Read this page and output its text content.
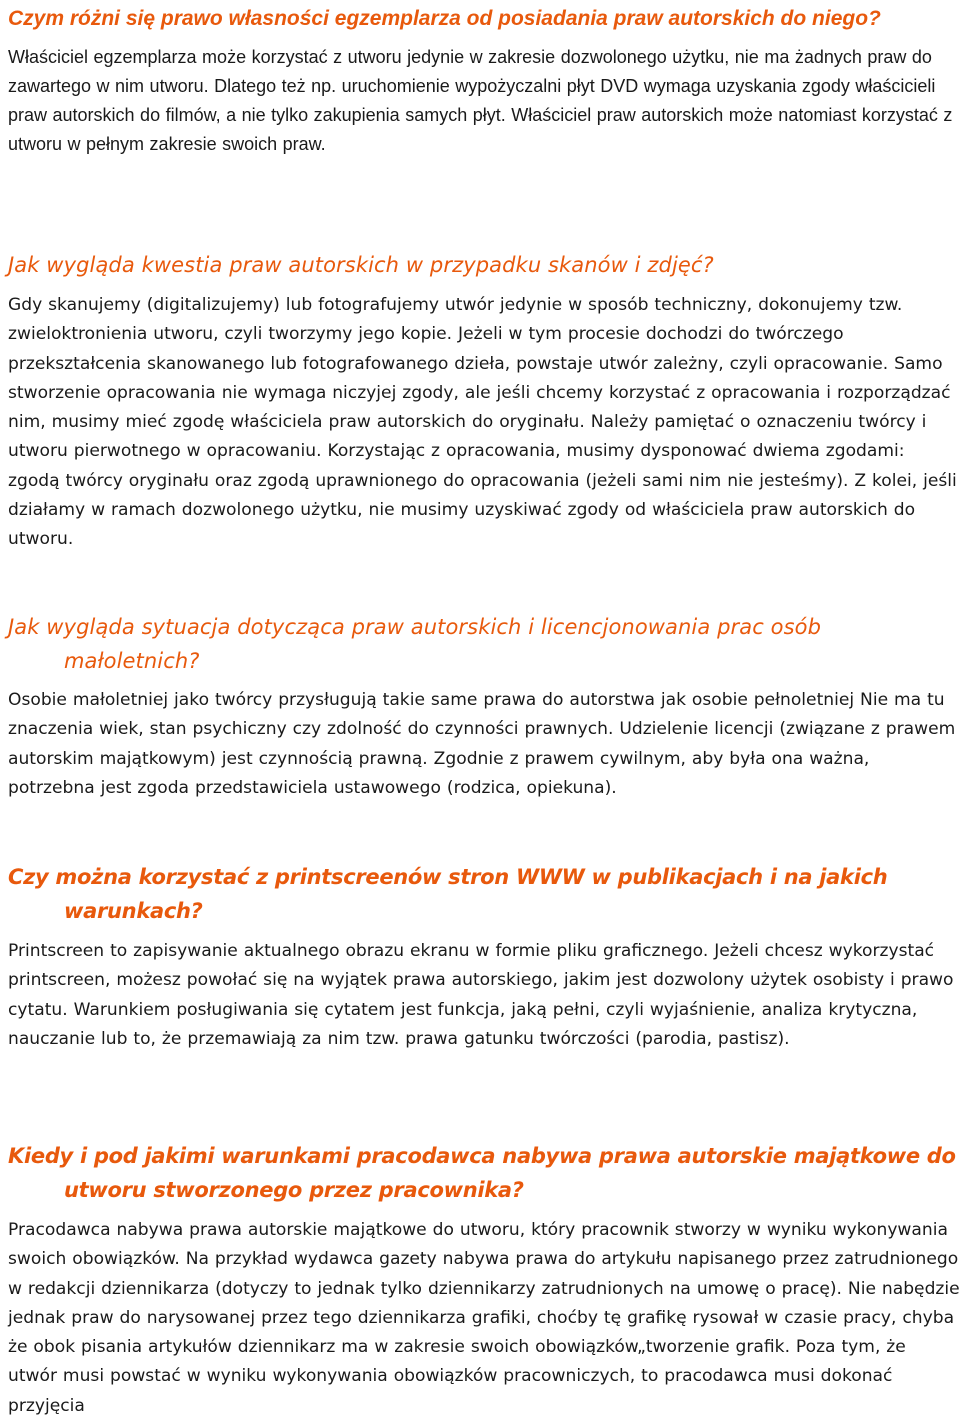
Czym różni się prawo własności egzemplarza od posiadania praw autorskich do niego?

Właściciel egzemplarza może korzystać z utworu jedynie w zakresie dozwolonego użytku, nie ma żadnych praw do zawartego w nim utworu. Dlatego też np. uruchomienie wypożyczalni płyt DVD wymaga uzyskania zgody właścicieli praw autorskich do filmów, a nie tylko zakupienia samych płyt. Właściciel praw autorskich może natomiast korzystać z utworu w pełnym zakresie swoich praw.

Jak wygląda kwestia praw autorskich w przypadku skanów i zdjęć?

Gdy skanujemy (digitalizujemy) lub fotografujemy utwór jedynie w sposób techniczny, dokonujemy tzw. zwieloktronienia utworu, czyli tworzymy jego kopie. Jeżeli w tym procesie dochodzi do twórczego przekształcenia skanowanego lub fotografowanego dzieła, powstaje utwór zależny, czyli opracowanie. Samo stworzenie opracowania nie wymaga niczyjej zgody, ale jeśli chcemy korzystać z opracowania i rozporządzać nim, musimy mieć zgodę właściciela praw autorskich do oryginału. Należy pamiętać o oznaczeniu twórcy i utworu pierwotnego w opracowaniu. Korzystając z opracowania, musimy dysponować dwiema zgodami: zgodą twórcy oryginału oraz zgodą uprawnionego do opracowania (jeżeli sami nim nie jesteśmy). Z kolei, jeśli działamy w ramach dozwolonego użytku, nie musimy uzyskiwać zgody od właściciela praw autorskich do utworu.

Jak wygląda sytuacja dotycząca praw autorskich i licencjonowania prac osób małoletnich?

Osobie małoletniej jako twórcy przysługują takie same prawa do autorstwa jak osobie pełnoletniej Nie ma tu znaczenia wiek, stan psychiczny czy zdolność do czynności prawnych. Udzielenie licencji (związane z prawem autorskim majątkowym) jest czynnością prawną. Zgodnie z prawem cywilnym, aby była ona ważna, potrzebna jest zgoda przedstawiciela ustawowego (rodzica, opiekuna).

Czy można korzystać z printscreenów stron WWW w publikacjach i na jakich warunkach?

Printscreen to zapisywanie aktualnego obrazu ekranu w formie pliku graficznego. Jeżeli chcesz wykorzystać printscreen, możesz powołać się na wyjątek prawa autorskiego, jakim jest dozwolony użytek osobisty i prawo cytatu. Warunkiem posługiwania się cytatem jest funkcja, jaką pełni, czyli wyjaśnienie, analiza krytyczna, nauczanie lub to, że przemawiają za nim tzw. prawa gatunku twórczości (parodia, pastisz).

Kiedy i pod jakimi warunkami pracodawca nabywa prawa autorskie majątkowe do utworu stworzonego przez pracownika?

Pracodawca nabywa prawa autorskie majątkowe do utworu, który pracownik stworzy w wyniku wykonywania swoich obowiązków. Na przykład wydawca gazety nabywa prawa do artykułu napisanego przez zatrudnionego w redakcji dziennikarza (dotyczy to jednak tylko dziennikarzy zatrudnionych na umowę o pracę). Nie nabędzie jednak praw do narysowanej przez tego dziennikarza grafiki, choćby tę grafikę rysował w czasie pracy, chyba że obok pisania artykułów dziennikarz ma w zakresie swoich obowiązków„tworzenie grafik. Poza tym, że utwór musi powstać w wyniku wykonywania obowiązków pracowniczych, to pracodawca musi dokonać przyjęcia
